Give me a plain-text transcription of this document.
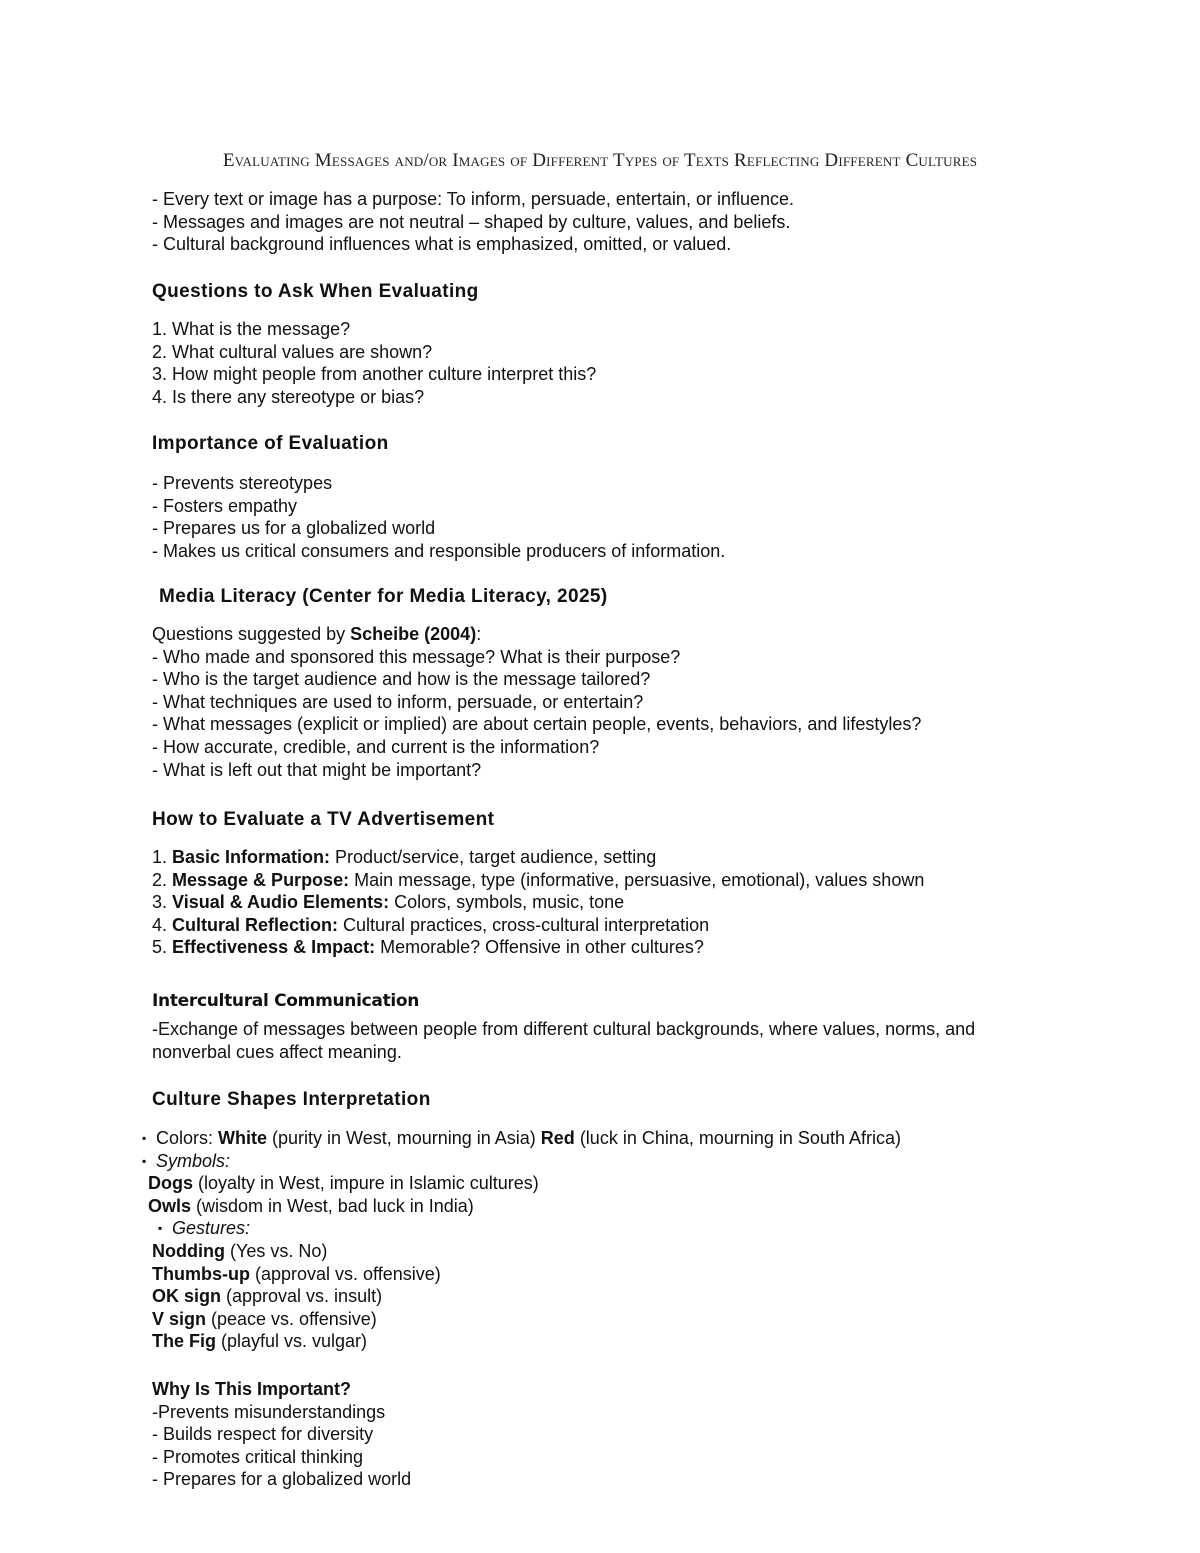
Evaluating Messages and/or Images of Different Types of Texts Reflecting Different Cultures
- Every text or image has a purpose: To inform, persuade, entertain, or influence.
- Messages and images are not neutral – shaped by culture, values, and beliefs.
- Cultural background influences what is emphasized, omitted, or valued.
Questions to Ask When Evaluating
1. What is the message?
2. What cultural values are shown?
3. How might people from another culture interpret this?
4. Is there any stereotype or bias?
Importance of Evaluation
- Prevents stereotypes
- Fosters empathy
- Prepares us for a globalized world
- Makes us critical consumers and responsible producers of information.
Media Literacy (Center for Media Literacy, 2025)
Questions suggested by Scheibe (2004):
- Who made and sponsored this message? What is their purpose?
- Who is the target audience and how is the message tailored?
- What techniques are used to inform, persuade, or entertain?
- What messages (explicit or implied) are about certain people, events, behaviors, and lifestyles?
- How accurate, credible, and current is the information?
- What is left out that might be important?
How to Evaluate a TV Advertisement
1. Basic Information: Product/service, target audience, setting
2. Message & Purpose: Main message, type (informative, persuasive, emotional), values shown
3. Visual & Audio Elements: Colors, symbols, music, tone
4. Cultural Reflection: Cultural practices, cross-cultural interpretation
5. Effectiveness & Impact: Memorable? Offensive in other cultures?
Intercultural Communication
-Exchange of messages between people from different cultural backgrounds, where values, norms, and nonverbal cues affect meaning.
Culture Shapes Interpretation
▪ Colors: White (purity in West, mourning in Asia) Red (luck in China, mourning in South Africa)
▪ Symbols:
Dogs (loyalty in West, impure in Islamic cultures)
Owls (wisdom in West, bad luck in India)
▪ Gestures:
Nodding (Yes vs. No)
Thumbs-up (approval vs. offensive)
OK sign (approval vs. insult)
V sign (peace vs. offensive)
The Fig (playful vs. vulgar)
Why Is This Important?
-Prevents misunderstandings
- Builds respect for diversity
- Promotes critical thinking
- Prepares for a globalized world
